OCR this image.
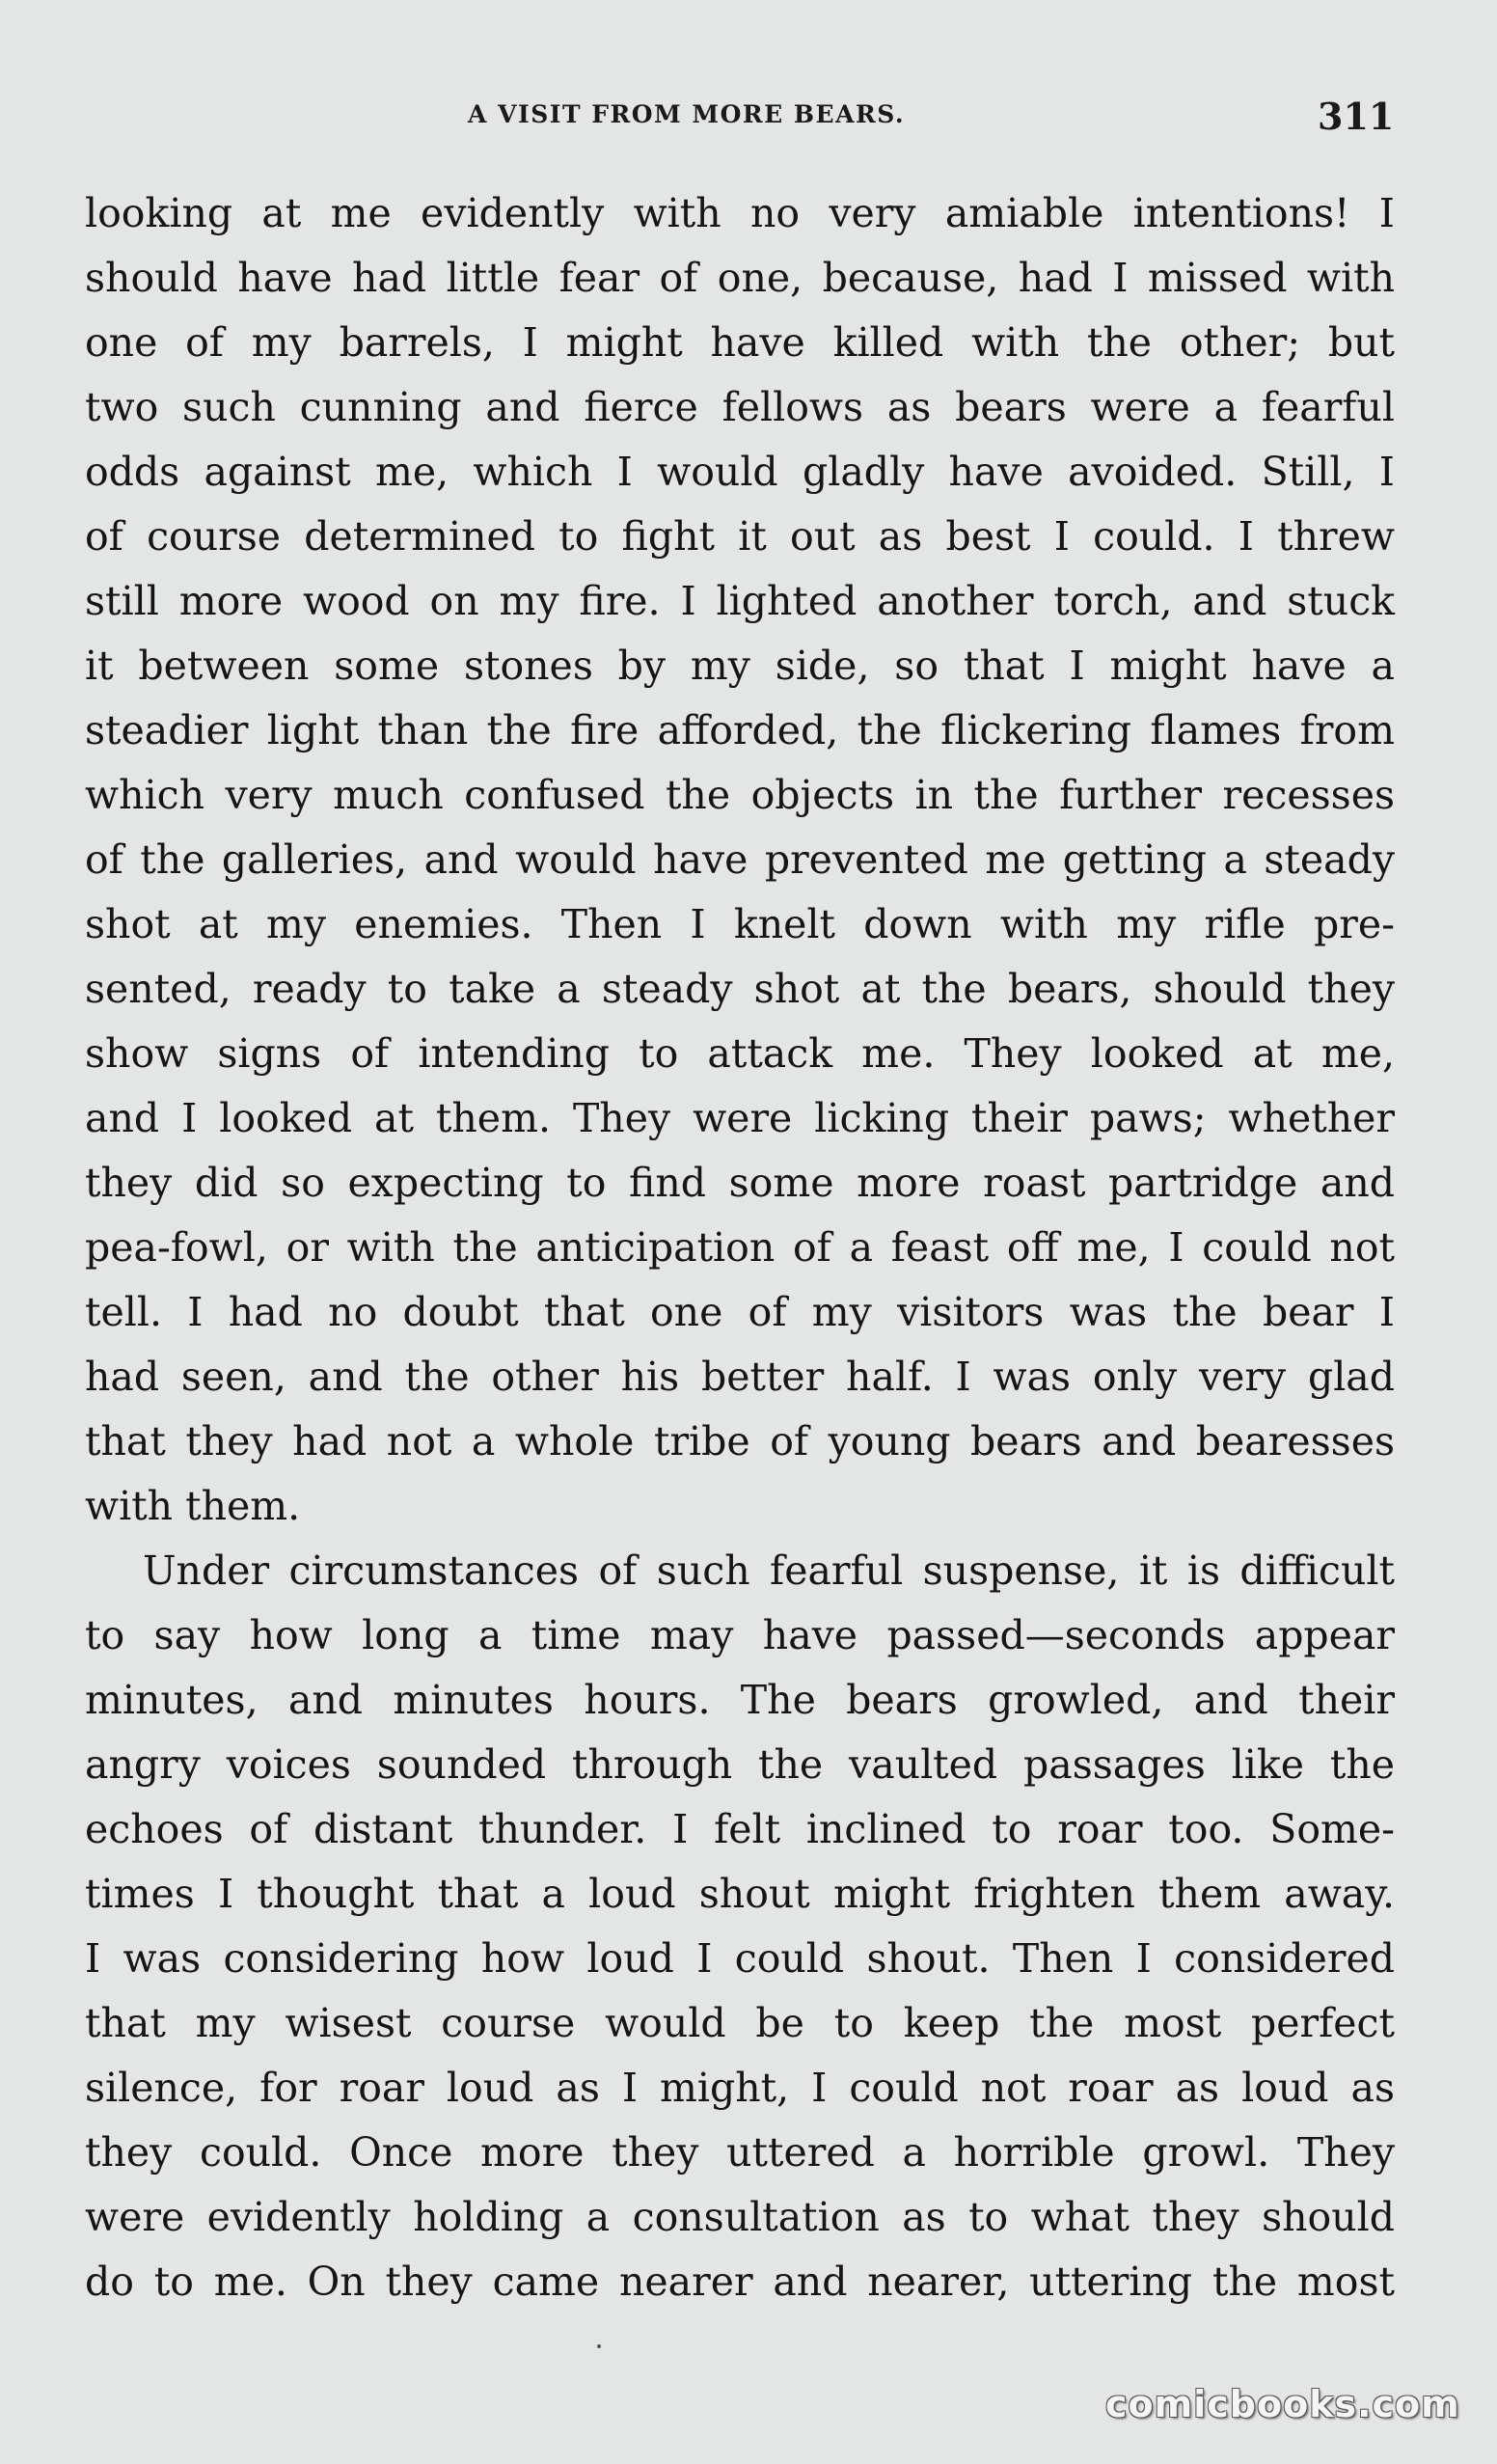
A VISIT FROM MORE BEARS.	311
looking at me evidently with no very amiable intentions! I
should have had little fear of one, because, had I missed with
one of my barrels, I might have killed with the other; but
two such cunning and fierce fellows as bears were a fearful
odds against me, which I would gladly have avoided. Still, I
of course determined to fight it out as best I could. I threw
still more wood on my fire. I lighted another torch, and stuck
it between some stones by my side, so that I might have a
steadier light than the fire afforded, the flickering flames from
which very much confused the objects in the further recesses
of the galleries, and would have prevented me getting a steady
shot at my enemies. Then I knelt down with my rifle pre-
sented, ready to take a steady shot at the bears, should they
show signs of intending to attack me. They looked at me,
and I looked at them. They were licking their paws; whether
they did so expecting to find some more roast partridge and
pea-fowl, or with the anticipation of a feast off me, I could not
tell. I had no doubt that one of my visitors was the bear I
had seen, and the other his better half. I was only very glad
that they had not a whole tribe of young bears and bearesses
with them.
Under circumstances of such fearful suspense, it is difficult
to say how long a time may have passed—seconds appear
minutes, and minutes hours. The bears growled, and their
angry voices sounded through the vaulted passages like the
echoes of distant thunder. I felt inclined to roar too. Some-
times I thought that a loud shout might frighten them away.
I was considering how loud I could shout. Then I considered
that my wisest course would be to keep the most perfect
silence, for roar loud as I might, I could not roar as loud as
they could. Once more they uttered a horrible growl. They
were evidently holding a consultation as to what they should
do to me. On they came nearer and nearer, uttering the most
comicbooks.com
